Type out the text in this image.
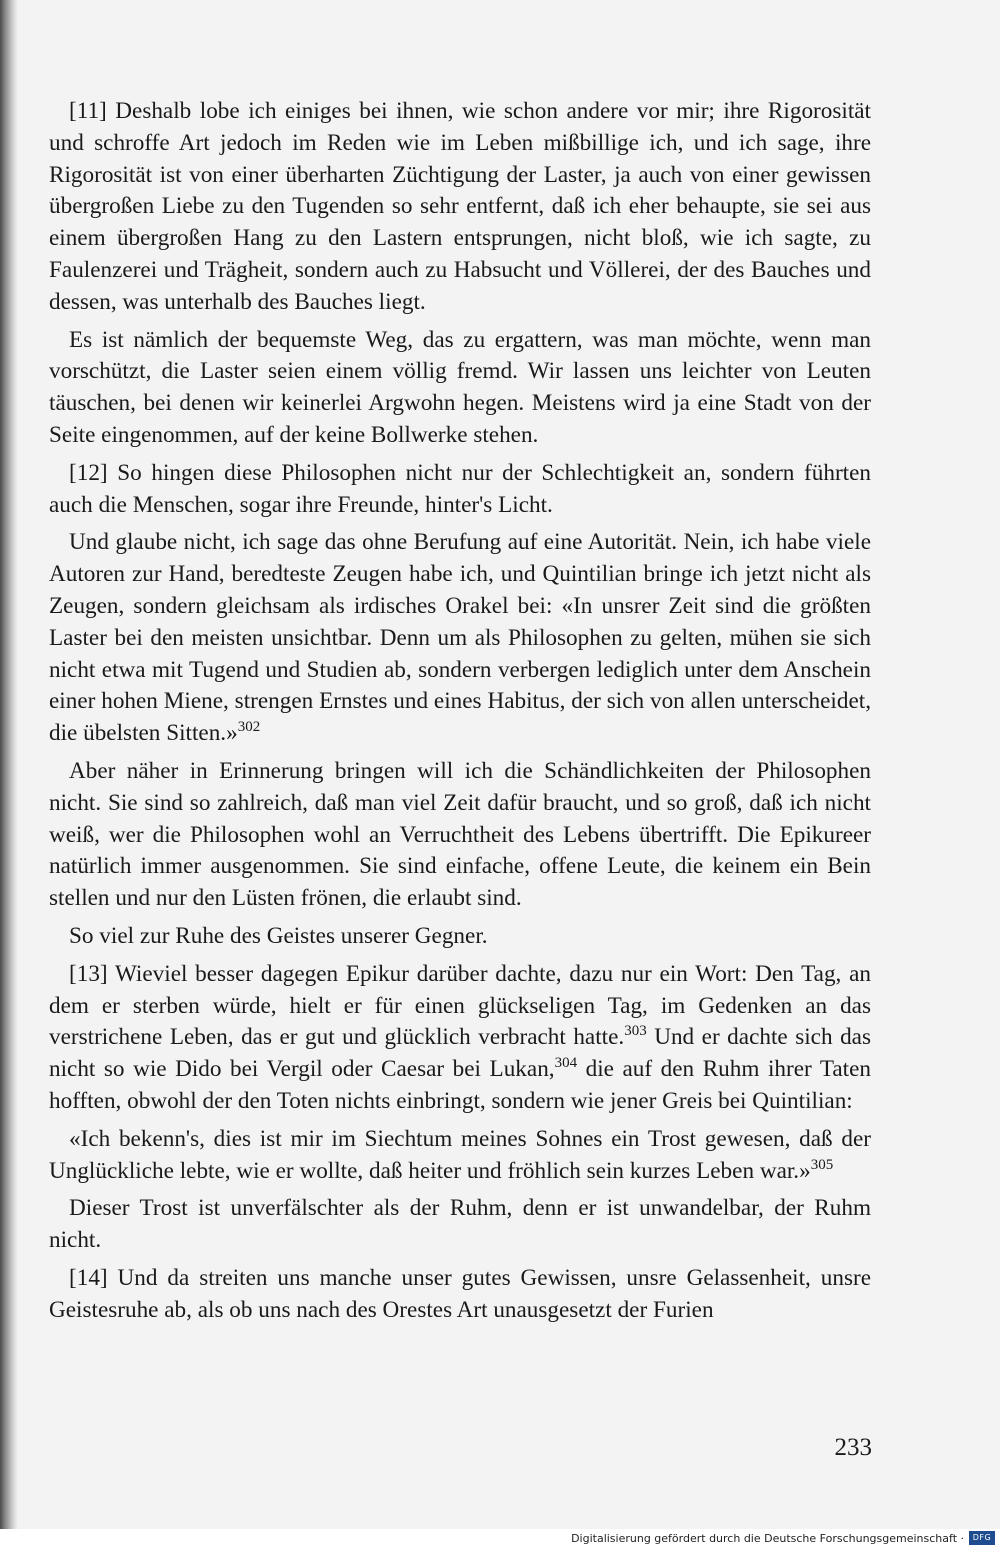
[11] Deshalb lobe ich einiges bei ihnen, wie schon andere vor mir; ihre Rigorosität und schroffe Art jedoch im Reden wie im Leben mißbillige ich, und ich sage, ihre Rigorosität ist von einer überharten Züchtigung der Laster, ja auch von einer gewissen übergroßen Liebe zu den Tugenden so sehr entfernt, daß ich eher behaupte, sie sei aus einem übergroßen Hang zu den Lastern entsprungen, nicht bloß, wie ich sagte, zu Faulenzerei und Trägheit, sondern auch zu Habsucht und Völlerei, der des Bauches und dessen, was unterhalb des Bauches liegt.

Es ist nämlich der bequemste Weg, das zu ergattern, was man möchte, wenn man vorschützt, die Laster seien einem völlig fremd. Wir lassen uns leichter von Leuten täuschen, bei denen wir keinerlei Argwohn hegen. Meistens wird ja eine Stadt von der Seite eingenommen, auf der keine Bollwerke stehen.

[12] So hingen diese Philosophen nicht nur der Schlechtigkeit an, sondern führten auch die Menschen, sogar ihre Freunde, hinter's Licht.

Und glaube nicht, ich sage das ohne Berufung auf eine Autorität. Nein, ich habe viele Autoren zur Hand, beredteste Zeugen habe ich, und Quintilian bringe ich jetzt nicht als Zeugen, sondern gleichsam als irdisches Orakel bei: «In unsrer Zeit sind die größten Laster bei den meisten unsichtbar. Denn um als Philosophen zu gelten, mühen sie sich nicht etwa mit Tugend und Studien ab, sondern verbergen lediglich unter dem Anschein einer hohen Miene, strengen Ernstes und eines Habitus, der sich von allen unterscheidet, die übelsten Sitten.»$^{302}$

Aber näher in Erinnerung bringen will ich die Schändlichkeiten der Philosophen nicht. Sie sind so zahlreich, daß man viel Zeit dafür braucht, und so groß, daß ich nicht weiß, wer die Philosophen wohl an Verruchtheit des Lebens übertrifft. Die Epikureer natürlich immer ausgenommen. Sie sind einfache, offene Leute, die keinem ein Bein stellen und nur den Lüsten frönen, die erlaubt sind.

So viel zur Ruhe des Geistes unserer Gegner.

[13] Wieviel besser dagegen Epikur darüber dachte, dazu nur ein Wort: Den Tag, an dem er sterben würde, hielt er für einen glückseligen Tag, im Gedenken an das verstrichene Leben, das er gut und glücklich verbracht hatte.$^{303}$ Und er dachte sich das nicht so wie Dido bei Vergil oder Caesar bei Lukan,$^{304}$ die auf den Ruhm ihrer Taten hofften, obwohl der den Toten nichts einbringt, sondern wie jener Greis bei Quintilian:

«Ich bekenn's, dies ist mir im Siechtum meines Sohnes ein Trost gewesen, daß der Unglückliche lebte, wie er wollte, daß heiter und fröhlich sein kurzes Leben war.»$^{305}$

Dieser Trost ist unverfälschter als der Ruhm, denn er ist unwandelbar, der Ruhm nicht.

[14] Und da streiten uns manche unser gutes Gewissen, unsre Gelassenheit, unsre Geistesruhe ab, als ob uns nach des Orestes Art unausgesetzt der Furien

233
Digitalisierung gefördert durch die Deutsche Forschungsgemeinschaft ·	DFG
